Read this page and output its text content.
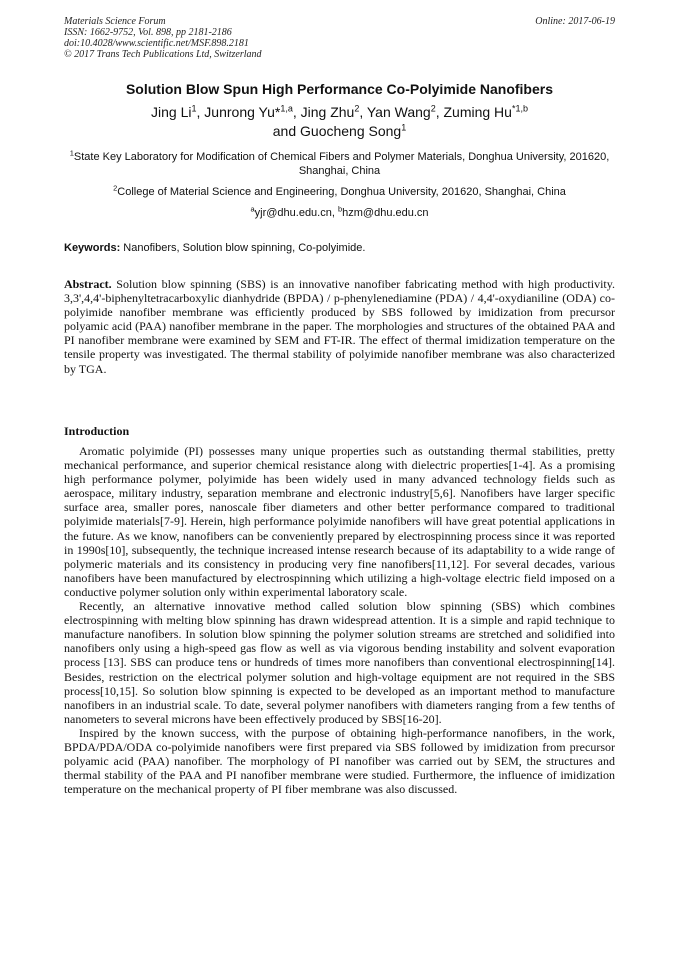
Materials Science Forum
ISSN: 1662-9752, Vol. 898, pp 2181-2186
doi:10.4028/www.scientific.net/MSF.898.2181
© 2017 Trans Tech Publications Ltd, Switzerland
Online: 2017-06-19
Solution Blow Spun High Performance Co-Polyimide Nanofibers
Jing Li$^1$, Junrong Yu*$^{1,a}$, Jing Zhu$^2$, Yan Wang$^2$, Zuming Hu$^{*1,b}$
and Guocheng Song$^1$
$^1$State Key Laboratory for Modification of Chemical Fibers and Polymer Materials, Donghua University, 201620, Shanghai, China
$^2$College of Material Science and Engineering, Donghua University, 201620, Shanghai, China
$^a$yjr@dhu.edu.cn, $^b$hzm@dhu.edu.cn
Keywords: Nanofibers, Solution blow spinning, Co-polyimide.
Abstract. Solution blow spinning (SBS) is an innovative nanofiber fabricating method with high productivity. 3,3',4,4'-biphenyltetracarboxylic dianhydride (BPDA) / p-phenylenediamine (PDA) / 4,4'-oxydianiline (ODA) co-polyimide nanofiber membrane was efficiently produced by SBS followed by imidization from precursor polyamic acid (PAA) nanofiber membrane in the paper. The morphologies and structures of the obtained PAA and PI nanofiber membrane were examined by SEM and FT-IR. The effect of thermal imidization temperature on the tensile property was investigated. The thermal stability of polyimide nanofiber membrane was also characterized by TGA.
Introduction

Aromatic polyimide (PI) possesses many unique properties such as outstanding thermal stabilities, pretty mechanical performance, and superior chemical resistance along with dielectric properties[1-4]. As a promising high performance polymer, polyimide has been widely used in many advanced technology fields such as aerospace, military industry, separation membrane and electronic industry[5,6]. Nanofibers have larger specific surface area, smaller pores, nanoscale fiber diameters and other better performance compared to traditional polyimide materials[7-9]. Herein, high performance polyimide nanofibers will have great potential applications in the future. As we know, nanofibers can be conveniently prepared by electrospinning process since it was reported in 1990s[10], subsequently, the technique increased intense research because of its adaptability to a wide range of polymeric materials and its consistency in producing very fine nanofibers[11,12]. For several decades, various nanofibers have been manufactured by electrospinning which utilizing a high-voltage electric field imposed on a conductive polymer solution only within experimental laboratory scale.

Recently, an alternative innovative method called solution blow spinning (SBS) which combines electrospinning with melting blow spinning has drawn widespread attention. It is a simple and rapid technique to manufacture nanofibers. In solution blow spinning the polymer solution streams are stretched and solidified into nanofibers only using a high-speed gas flow as well as via vigorous bending instability and solvent evaporation process [13]. SBS can produce tens or hundreds of times more nanofibers than conventional electrospinning[14]. Besides, restriction on the electrical polymer solution and high-voltage equipment are not required in the SBS process[10,15]. So solution blow spinning is expected to be developed as an important method to manufacture nanofibers in an industrial scale. To date, several polymer nanofibers with diameters ranging from a few tenths of nanometers to several microns have been effectively produced by SBS[16-20].

Inspired by the known success, with the purpose of obtaining high-performance nanofibers, in the work, BPDA/PDA/ODA co-polyimide nanofibers were first prepared via SBS followed by imidization from precursor polyamic acid (PAA) nanofiber. The morphology of PI nanofiber was carried out by SEM, the structures and thermal stability of the PAA and PI nanofiber membrane were studied. Furthermore, the influence of imidization temperature on the mechanical property of PI fiber membrane was also discussed.
